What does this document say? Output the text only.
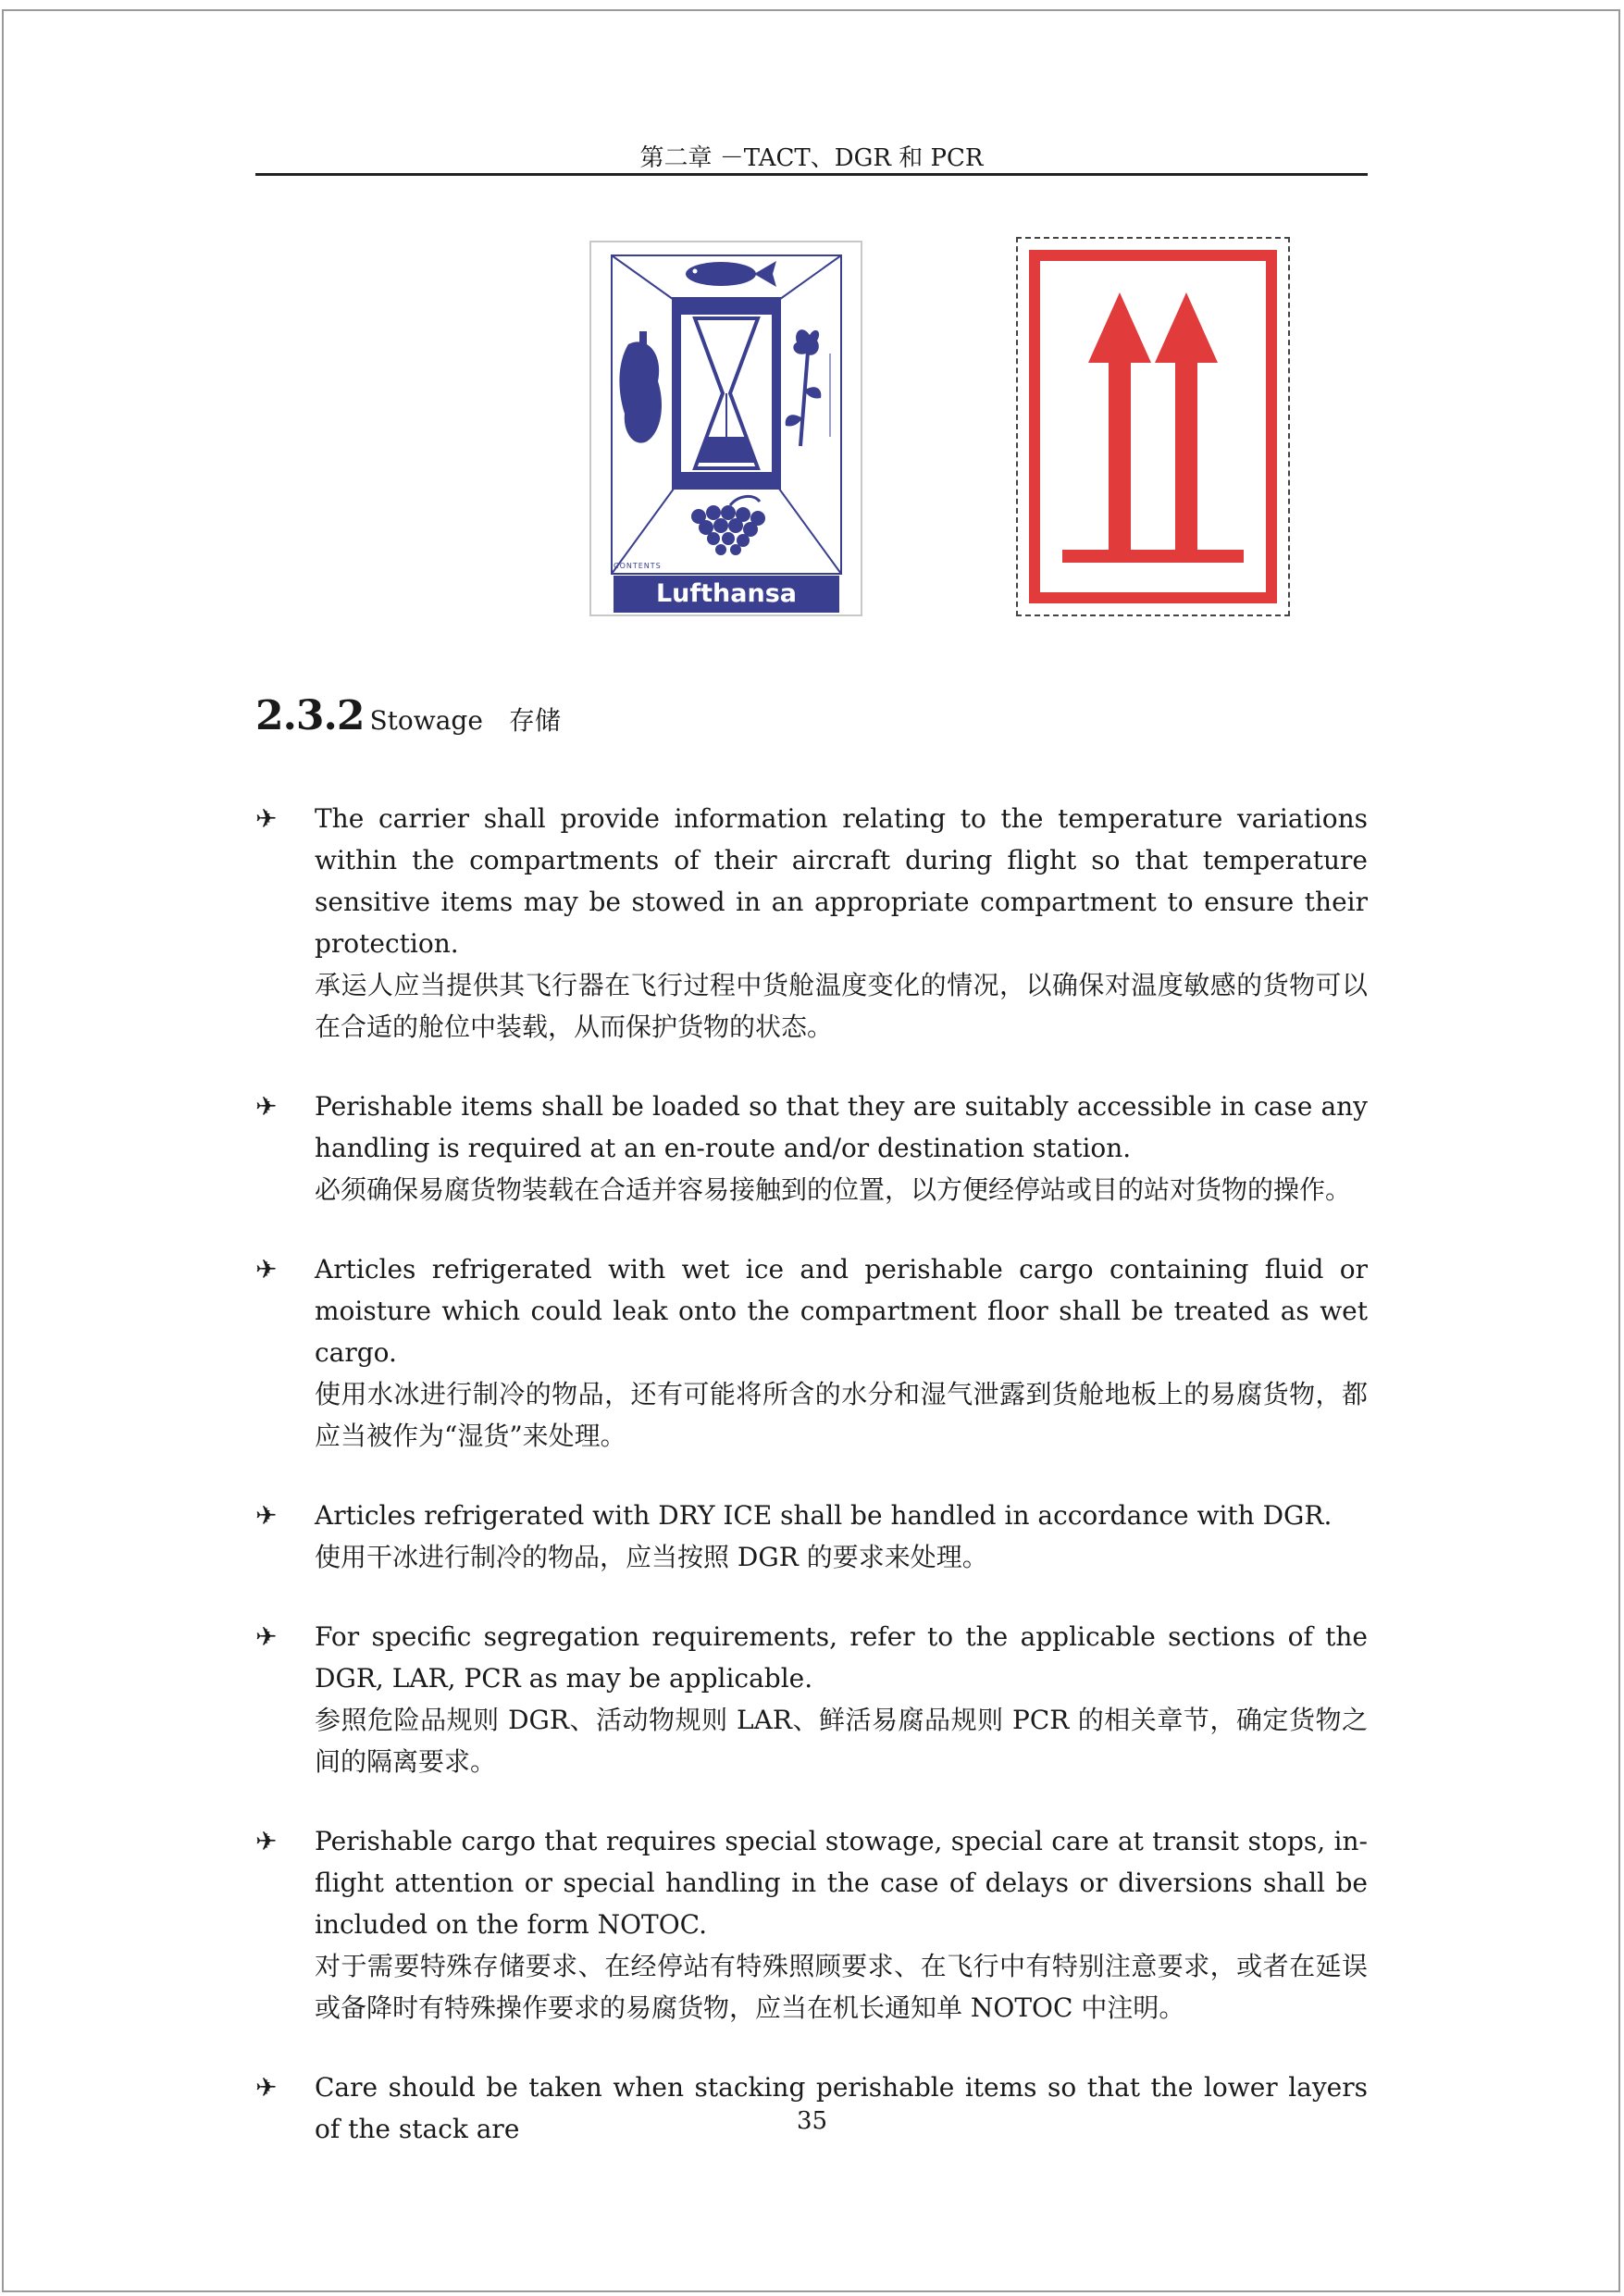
第二章 －TACT、DGR 和 PCR
CONTENTS
Lufthansa
2.3.2 Stowage　存储
✈ The carrier shall provide information relating to the temperature variations within the compartments of their aircraft during flight so that temperature sensitive items may be stowed in an appropriate compartment to ensure their protection.
承运人应当提供其飞行器在飞行过程中货舱温度变化的情况，以确保对温度敏感的货物可以在合适的舱位中装载，从而保护货物的状态。
✈ Perishable items shall be loaded so that they are suitably accessible in case any handling is required at an en-route and/or destination station.
必须确保易腐货物装载在合适并容易接触到的位置，以方便经停站或目的站对货物的操作。
✈ Articles refrigerated with wet ice and perishable cargo containing fluid or moisture which could leak onto the compartment floor shall be treated as wet cargo.
使用水冰进行制冷的物品，还有可能将所含的水分和湿气泄露到货舱地板上的易腐货物，都应当被作为“湿货”来处理。
✈ Articles refrigerated with DRY ICE shall be handled in accordance with DGR.
使用干冰进行制冷的物品，应当按照 DGR 的要求来处理。
✈ For specific segregation requirements, refer to the applicable sections of the DGR, LAR, PCR as may be applicable.
参照危险品规则 DGR、活动物规则 LAR、鲜活易腐品规则 PCR 的相关章节，确定货物之间的隔离要求。
✈ Perishable cargo that requires special stowage, special care at transit stops, in-flight attention or special handling in the case of delays or diversions shall be included on the form NOTOC.
对于需要特殊存储要求、在经停站有特殊照顾要求、在飞行中有特别注意要求，或者在延误或备降时有特殊操作要求的易腐货物，应当在机长通知单 NOTOC 中注明。
✈ Care should be taken when stacking perishable items so that the lower layers of the stack are	35
